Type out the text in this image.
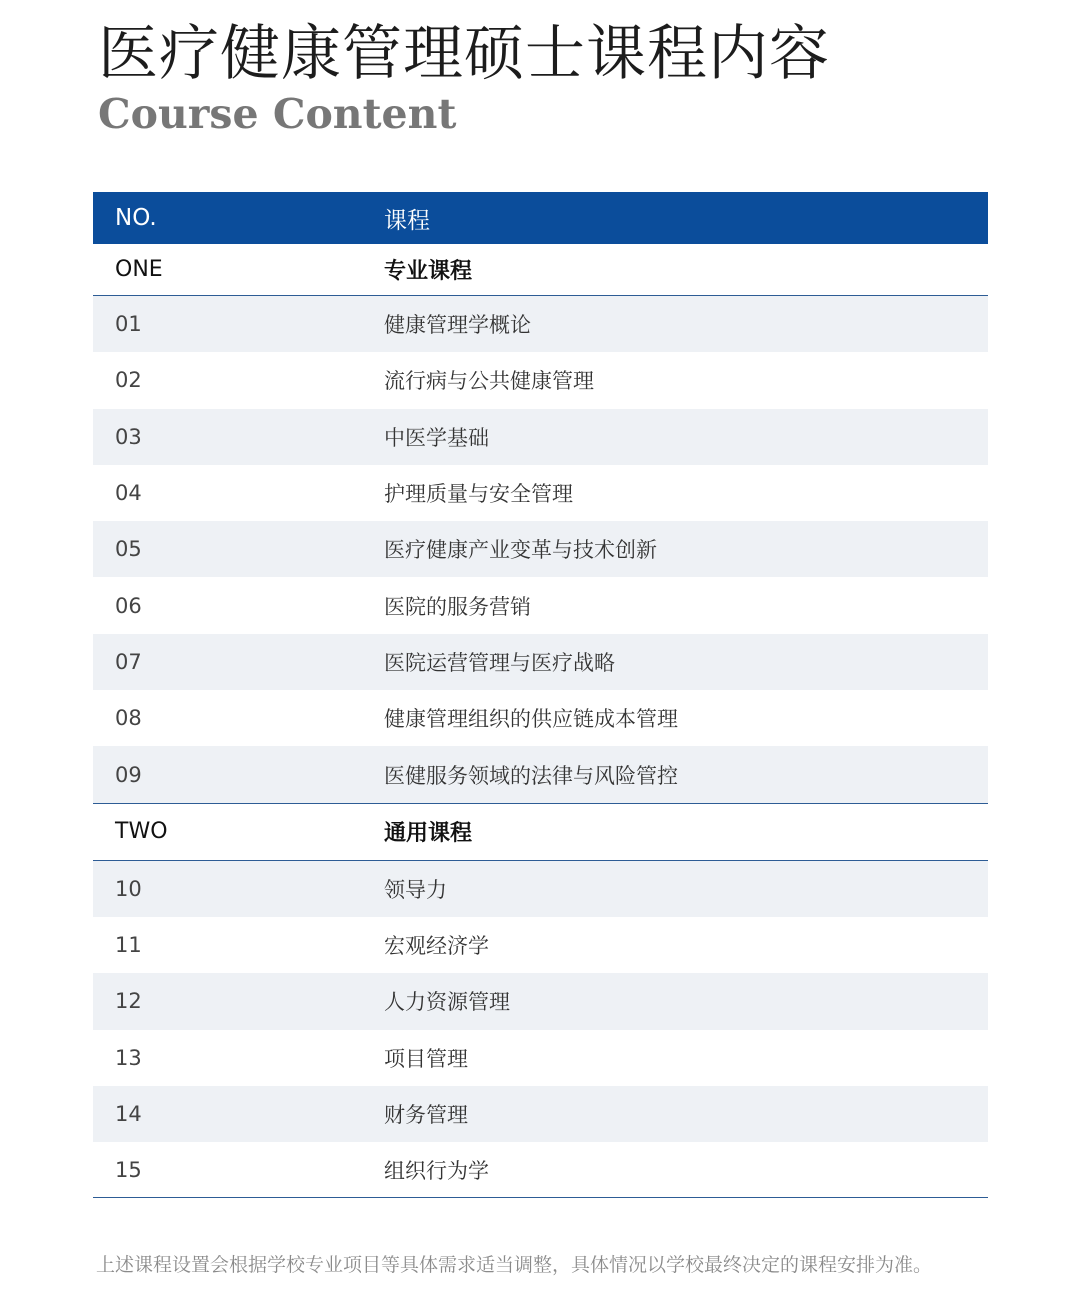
医疗健康管理硕士课程内容
Course Content
NO.	课程
ONE	专业课程
01	健康管理学概论
02	流行病与公共健康管理
03	中医学基础
04	护理质量与安全管理
05	医疗健康产业变革与技术创新
06	医院的服务营销
07	医院运营管理与医疗战略
08	健康管理组织的供应链成本管理
09	医健服务领域的法律与风险管控
TWO	通用课程
10	领导力
11	宏观经济学
12	人力资源管理
13	项目管理
14	财务管理
15	组织行为学

上述课程设置会根据学校专业项目等具体需求适当调整，具体情况以学校最终决定的课程安排为准。
